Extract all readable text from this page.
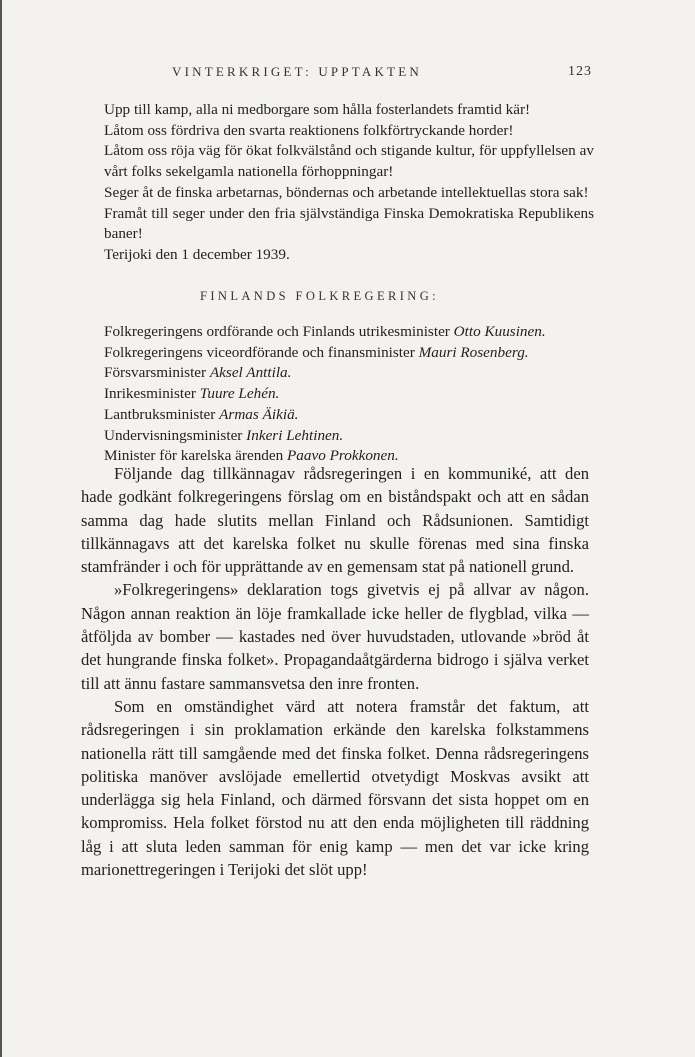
VINTERKRIGET: UPPTAKTEN	123

Upp till kamp, alla ni medborgare som hålla fosterlandets framtid kär!

Låtom oss fördriva den svarta reaktionens folkförtryckande horder!

Låtom oss röja väg för ökat folkvälstånd och stigande kultur, för uppfyllelsen av vårt folks sekelgamla nationella förhoppningar!

Seger åt de finska arbetarnas, böndernas och arbetande intellektuellas stora sak!

Framåt till seger under den fria självständiga Finska Demokratiska Republikens baner!

Terijoki den 1 december 1939.

FINLANDS FOLKREGERING:
Folkregeringens ordförande och Finlands utrikesminister Otto Kuusinen.
Folkregeringens viceordförande och finansminister Mauri Rosenberg.
Försvarsminister Aksel Anttila.
Inrikesminister Tuure Lehén.
Lantbruksminister Armas Äikiä.
Undervisningsminister Inkeri Lehtinen.
Minister för karelska ärenden Paavo Prokkonen.

Följande dag tillkännagav rådsregeringen i en kommuniké, att den hade godkänt folkregeringens förslag om en biståndspakt och att en sådan samma dag hade slutits mellan Finland och Rådsunionen. Samtidigt tillkännagavs att det karelska folket nu skulle förenas med sina finska stamfränder i och för upprättande av en gemensam stat på nationell grund.

»Folkregeringens» deklaration togs givetvis ej på allvar av någon. Någon annan reaktion än löje framkallade icke heller de flygblad, vilka — åtföljda av bomber — kastades ned över huvudstaden, utlovande »bröd åt det hungrande finska folket». Propagandaåtgärderna bidrogo i själva verket till att ännu fastare sammansvetsa den inre fronten.

Som en omständighet värd att notera framstår det faktum, att rådsregeringen i sin proklamation erkände den karelska folkstammens nationella rätt till samgående med det finska folket. Denna rådsregeringens politiska manöver avslöjade emellertid otvetydigt Moskvas avsikt att underlägga sig hela Finland, och därmed försvann det sista hoppet om en kompromiss. Hela folket förstod nu att den enda möjligheten till räddning låg i att sluta leden samman för enig kamp — men det var icke kring marionettregeringen i Terijoki det slöt upp!
